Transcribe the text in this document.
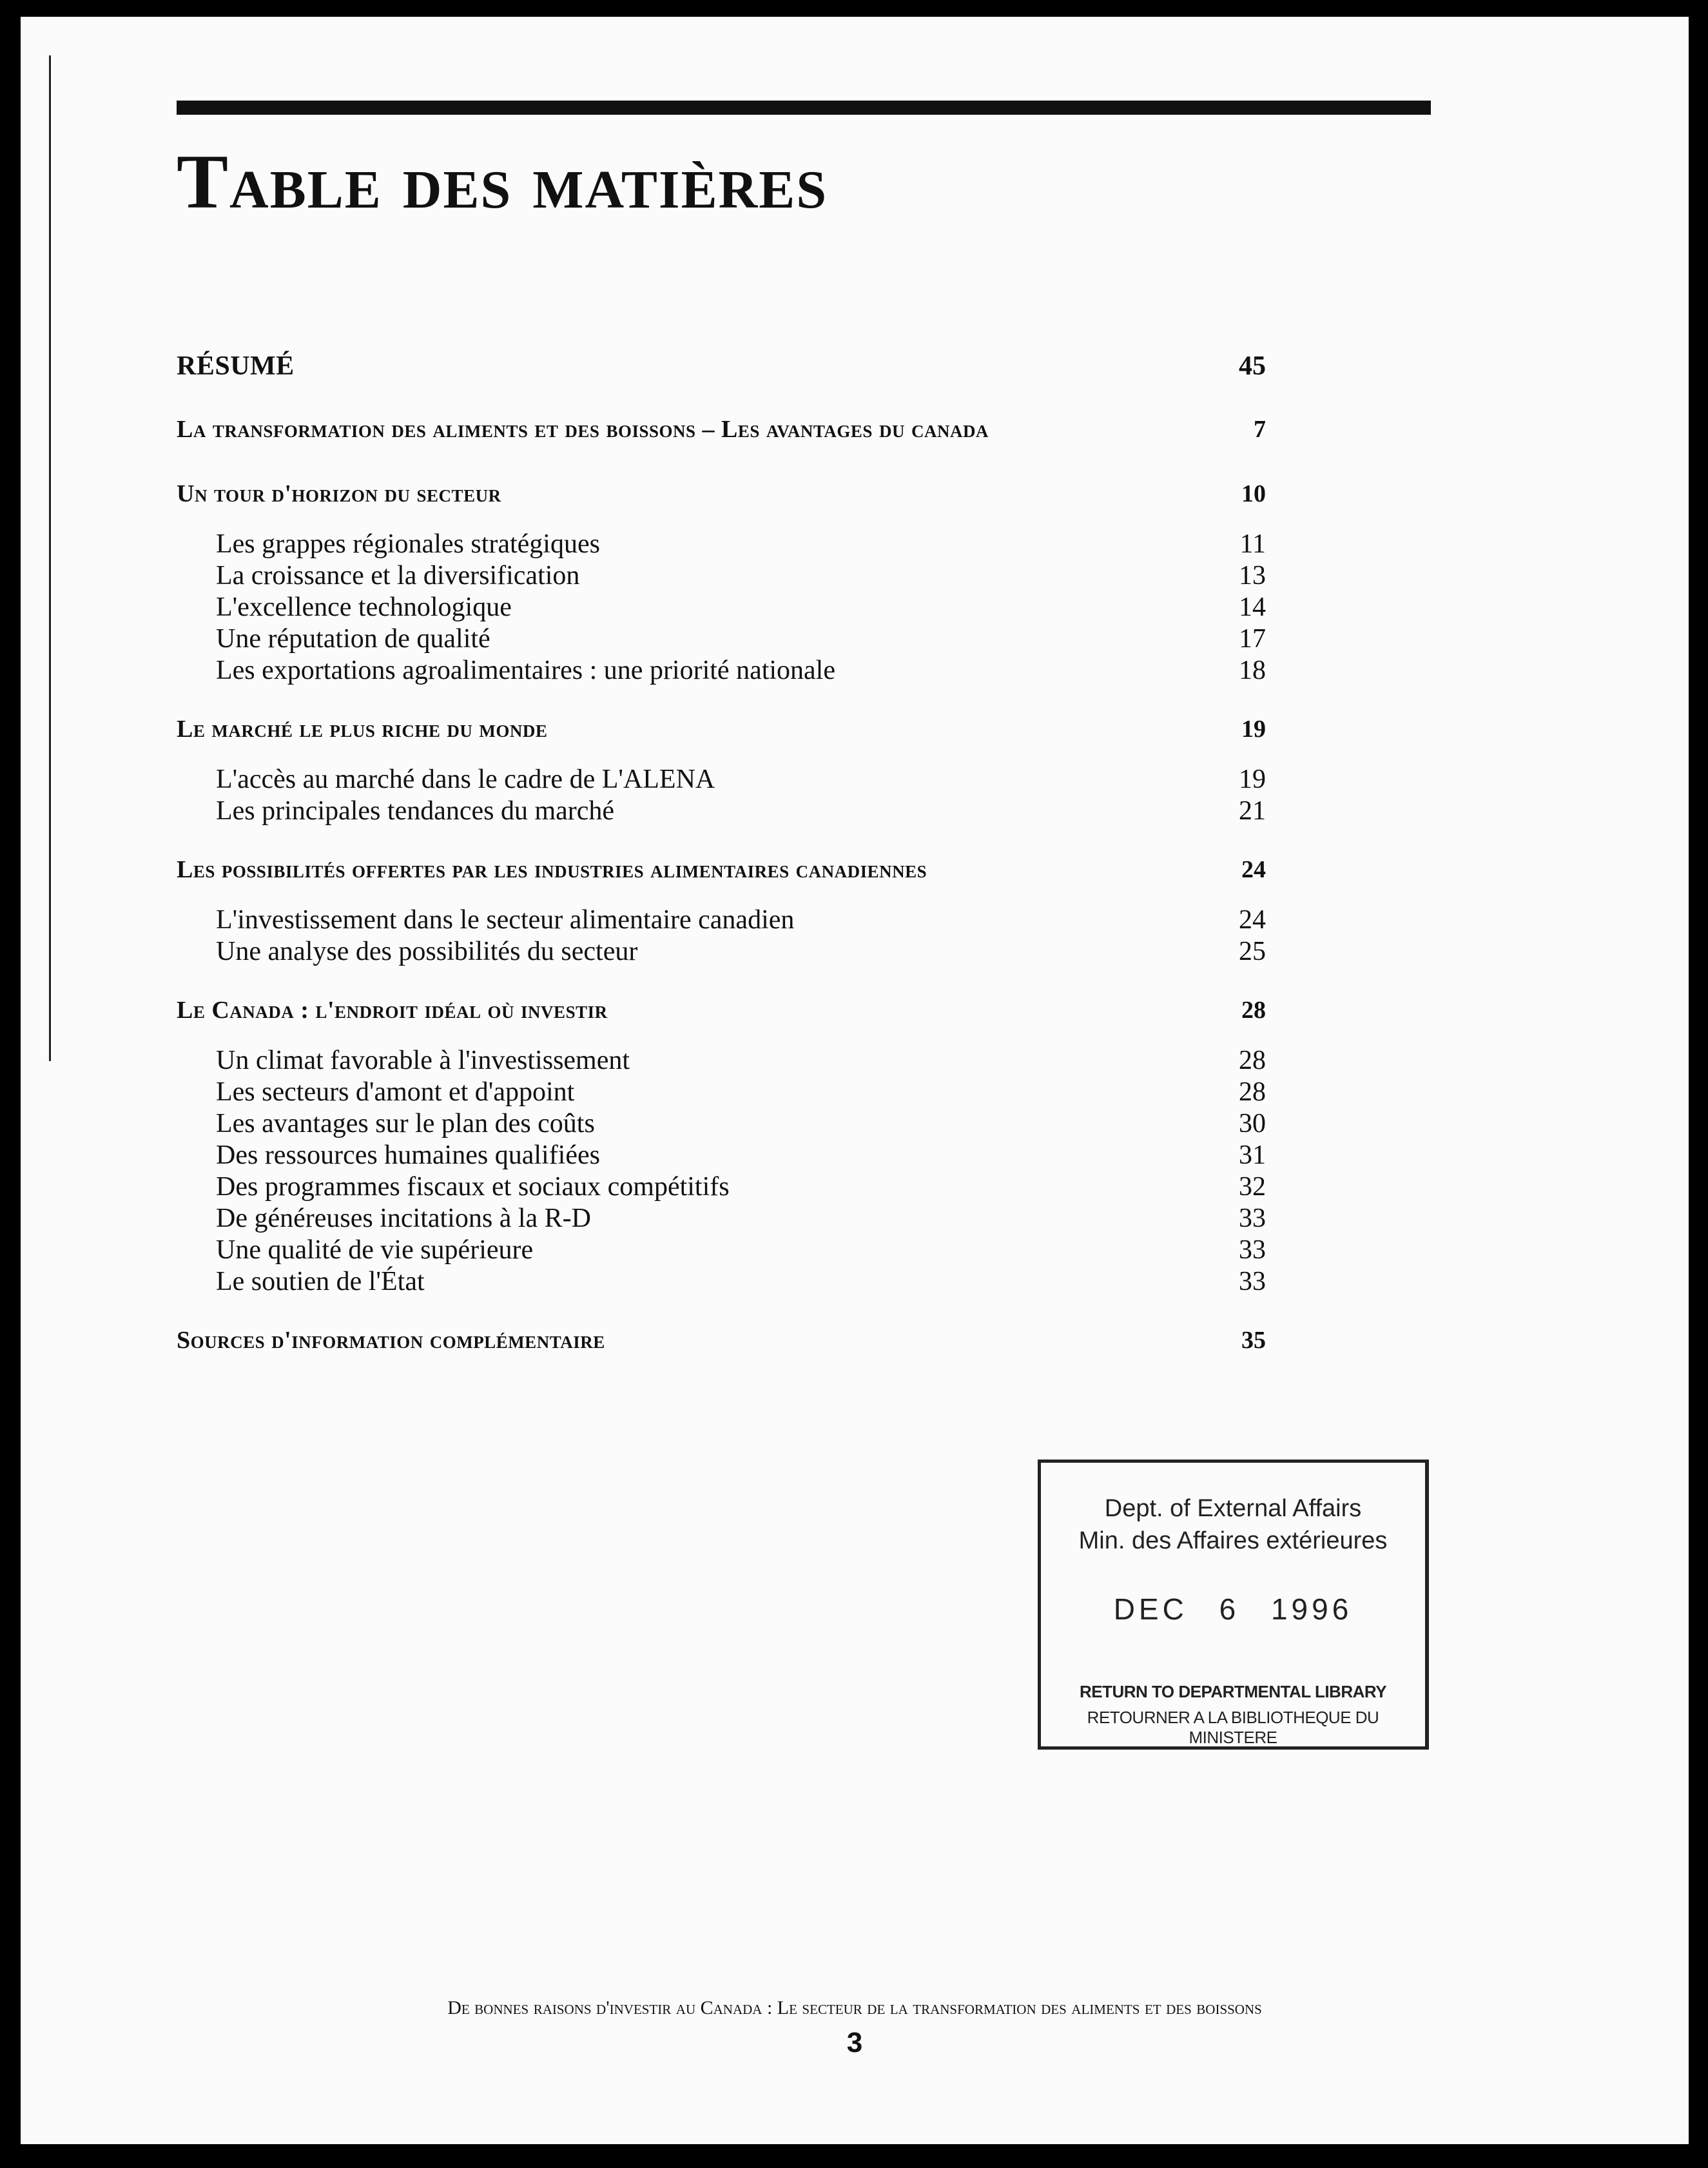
Table des matières
RÉSUMÉ	45
La transformation des aliments et des boissons – Les avantages du canada	7
Un tour d'horizon du secteur	10
Les grappes régionales stratégiques	11
La croissance et la diversification	13
L'excellence technologique	14
Une réputation de qualité	17
Les exportations agroalimentaires : une priorité nationale	18
Le marché le plus riche du monde	19
L'accès au marché dans le cadre de L'ALENA	19
Les principales tendances du marché	21
Les possibilités offertes par les industries alimentaires canadiennes	24
L'investissement dans le secteur alimentaire canadien	24
Une analyse des possibilités du secteur	25
Le Canada : l'endroit idéal où investir	28
Un climat favorable à l'investissement	28
Les secteurs d'amont et d'appoint	28
Les avantages sur le plan des coûts	30
Des ressources humaines qualifiées	31
Des programmes fiscaux et sociaux compétitifs	32
De généreuses incitations à la R-D	33
Une qualité de vie supérieure	33
Le soutien de l'État	33
Sources d'information complémentaire	35
Dept. of External Affairs
Min. des Affaires extérieures
DEC 6 1996
RETURN TO DEPARTMENTAL LIBRARY
RETOURNER A LA BIBLIOTHEQUE DU MINISTERE
De bonnes raisons d'investir au Canada : Le secteur de la transformation des aliments et des boissons
3
